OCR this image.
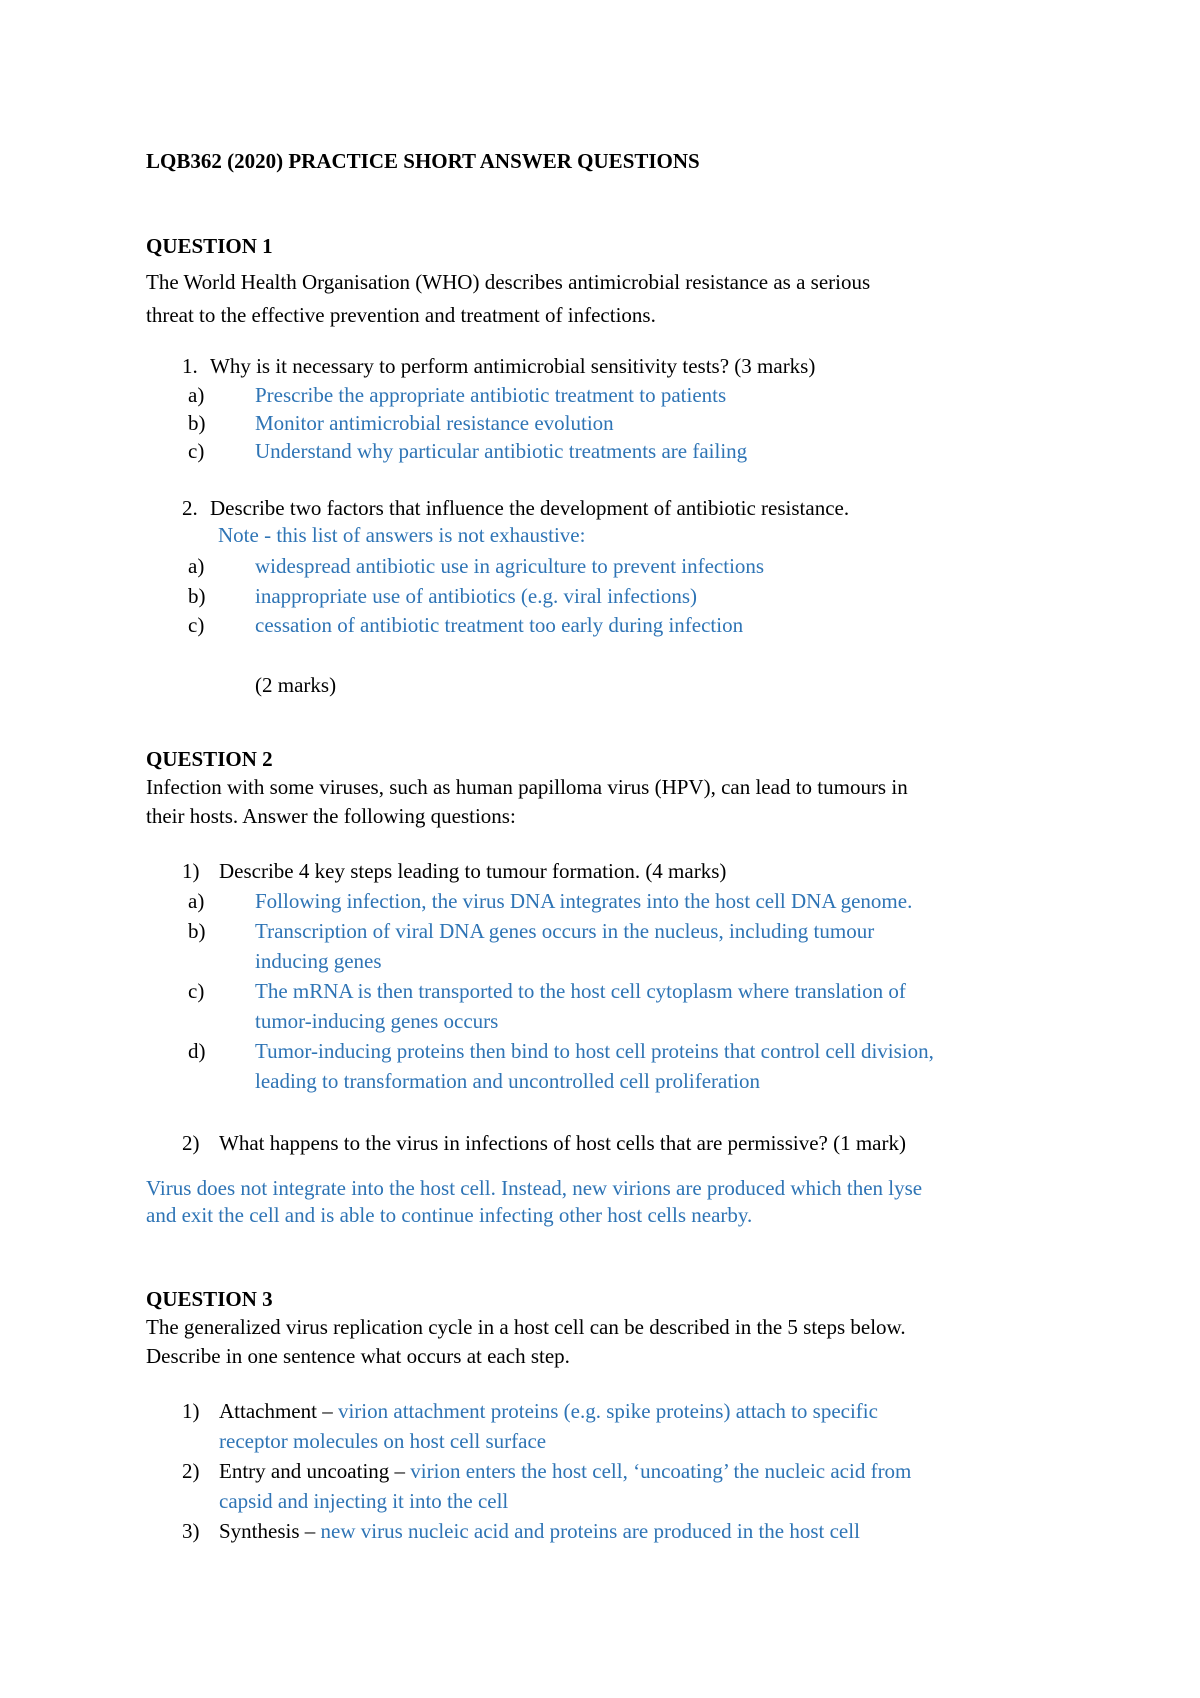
LQB362 (2020) PRACTICE SHORT ANSWER QUESTIONS
QUESTION 1
The World Health Organisation (WHO) describes antimicrobial resistance as a serious
threat to the effective prevention and treatment of infections.
1. Why is it necessary to perform antimicrobial sensitivity tests? (3 marks)
a) Prescribe the appropriate antibiotic treatment to patients
b) Monitor antimicrobial resistance evolution
c) Understand why particular antibiotic treatments are failing
2. Describe two factors that influence the development of antibiotic resistance.
Note - this list of answers is not exhaustive:
a) widespread antibiotic use in agriculture to prevent infections
b) inappropriate use of antibiotics (e.g. viral infections)
c) cessation of antibiotic treatment too early during infection
(2 marks)
QUESTION 2
Infection with some viruses, such as human papilloma virus (HPV), can lead to tumours in
their hosts. Answer the following questions:
1) Describe 4 key steps leading to tumour formation. (4 marks)
a) Following infection, the virus DNA integrates into the host cell DNA genome.
b) Transcription of viral DNA genes occurs in the nucleus, including tumour
inducing genes
c) The mRNA is then transported to the host cell cytoplasm where translation of
tumor-inducing genes occurs
d) Tumor-inducing proteins then bind to host cell proteins that control cell division,
leading to transformation and uncontrolled cell proliferation
2) What happens to the virus in infections of host cells that are permissive? (1 mark)
Virus does not integrate into the host cell. Instead, new virions are produced which then lyse
and exit the cell and is able to continue infecting other host cells nearby.
QUESTION 3
The generalized virus replication cycle in a host cell can be described in the 5 steps below.
Describe in one sentence what occurs at each step.
1) Attachment – virion attachment proteins (e.g. spike proteins) attach to specific
receptor molecules on host cell surface
2) Entry and uncoating – virion enters the host cell, ‘uncoating’ the nucleic acid from
capsid and injecting it into the cell
3) Synthesis – new virus nucleic acid and proteins are produced in the host cell
